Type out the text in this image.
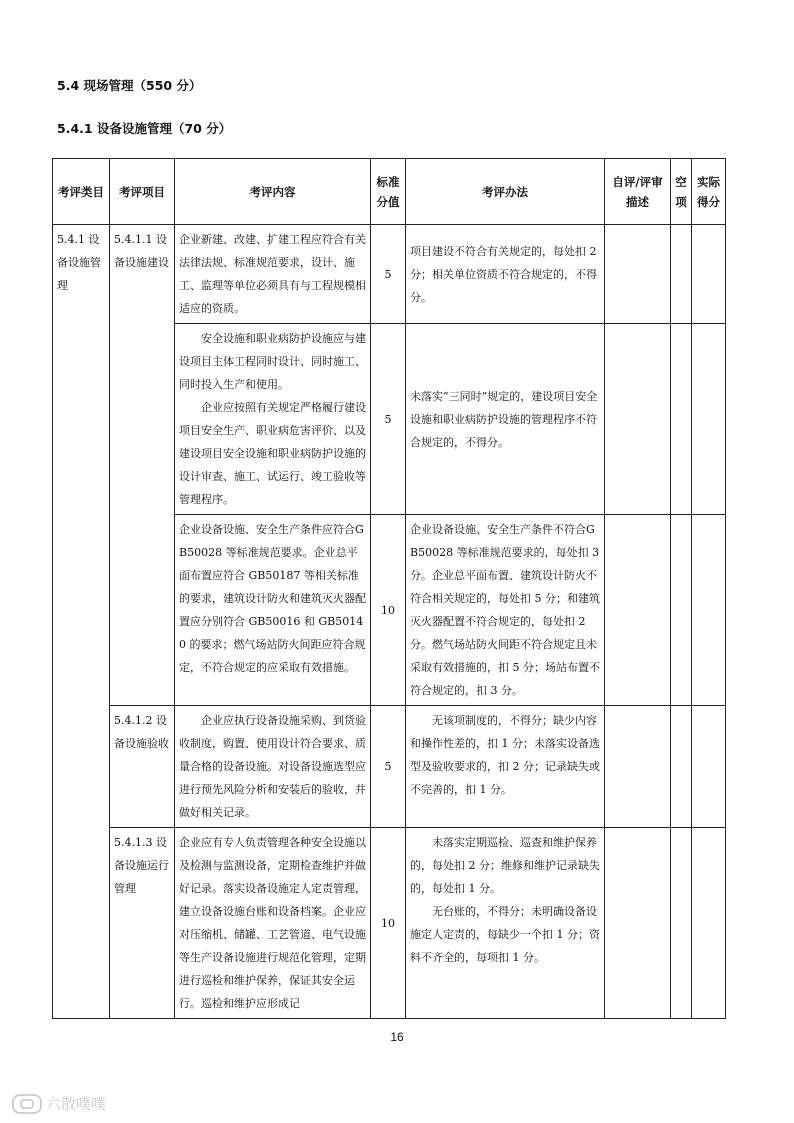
5.4 现场管理（550 分）
5.4.1 设备设施管理（70 分）
考评类目	考评项目	考评内容	标准分值	考评办法	自评/评审描述	空项	实际得分
5.4.1 设备设施管理	5.4.1.1 设备设施建设	企业新建、改建、扩建工程应符合有关法律法规、标准规范要求，设计、施工、监理等单位必须具有与工程规模相适应的资质。	5	项目建设不符合有关规定的，每处扣 2 分；相关单位资质不符合规定的，不得分。			

		安全设施和职业病防护设施应与建设项目主体工程同时设计、同时施工、同时投入生产和使用。
企业应按照有关规定严格履行建设项目安全生产、职业病危害评价、以及建设项目安全设施和职业病防护设施的设计审查、施工、试运行、竣工验收等管理程序。	5	未落实“三同时”规定的，建设项目安全设施和职业病防护设施的管理程序不符合规定的，不得分。			
		企业设备设施、安全生产条件应符合GB50028 等标准规范要求。企业总平面布置应符合 GB50187 等相关标准的要求，建筑设计防火和建筑灭火器配置应分别符合 GB50016 和 GB50140 的要求；燃气场站防火间距应符合规定，不符合规定的应采取有效措施。	10	企业设备设施、安全生产条件不符合GB50028 等标准规范要求的，每处扣 3 分。企业总平面布置、建筑设计防火不符合相关规定的，每处扣 5 分；和建筑灭火器配置不符合规定的，每处扣 2 分。燃气场站防火间距不符合规定且未采取有效措施的，扣 5 分；场站布置不符合规定的，扣 3 分。			
	5.4.1.2 设备设施验收	企业应执行设备设施采购、到货验收制度，购置、使用设计符合要求、质量合格的设备设施。对设备设施选型应进行预先风险分析和安装后的验收，并做好相关记录。	5	无该项制度的，不得分；缺少内容和操作性差的，扣 1 分；未落实设备选型及验收要求的，扣 2 分；记录缺失或不完善的，扣 1 分。			
	5.4.1.3 设备设施运行管理	企业应有专人负责管理各种安全设施以及检测与监测设备，定期检查维护并做好记录。落实设备设施定人定责管理，建立设备设施台账和设备档案。企业应对压缩机、储罐、工艺管道、电气设施等生产设备设施进行规范化管理，定期进行巡检和维护保养，保证其安全运行。巡检和维护应形成记	10	未落实定期巡检、巡查和维护保养的，每处扣 2 分；维修和维护记录缺失的，每处扣 1 分。
无台账的，不得分；未明确设备设施定人定责的，每缺少一个扣 1 分；资料不齐全的，每项扣 1 分。			

16
六散噗噗
